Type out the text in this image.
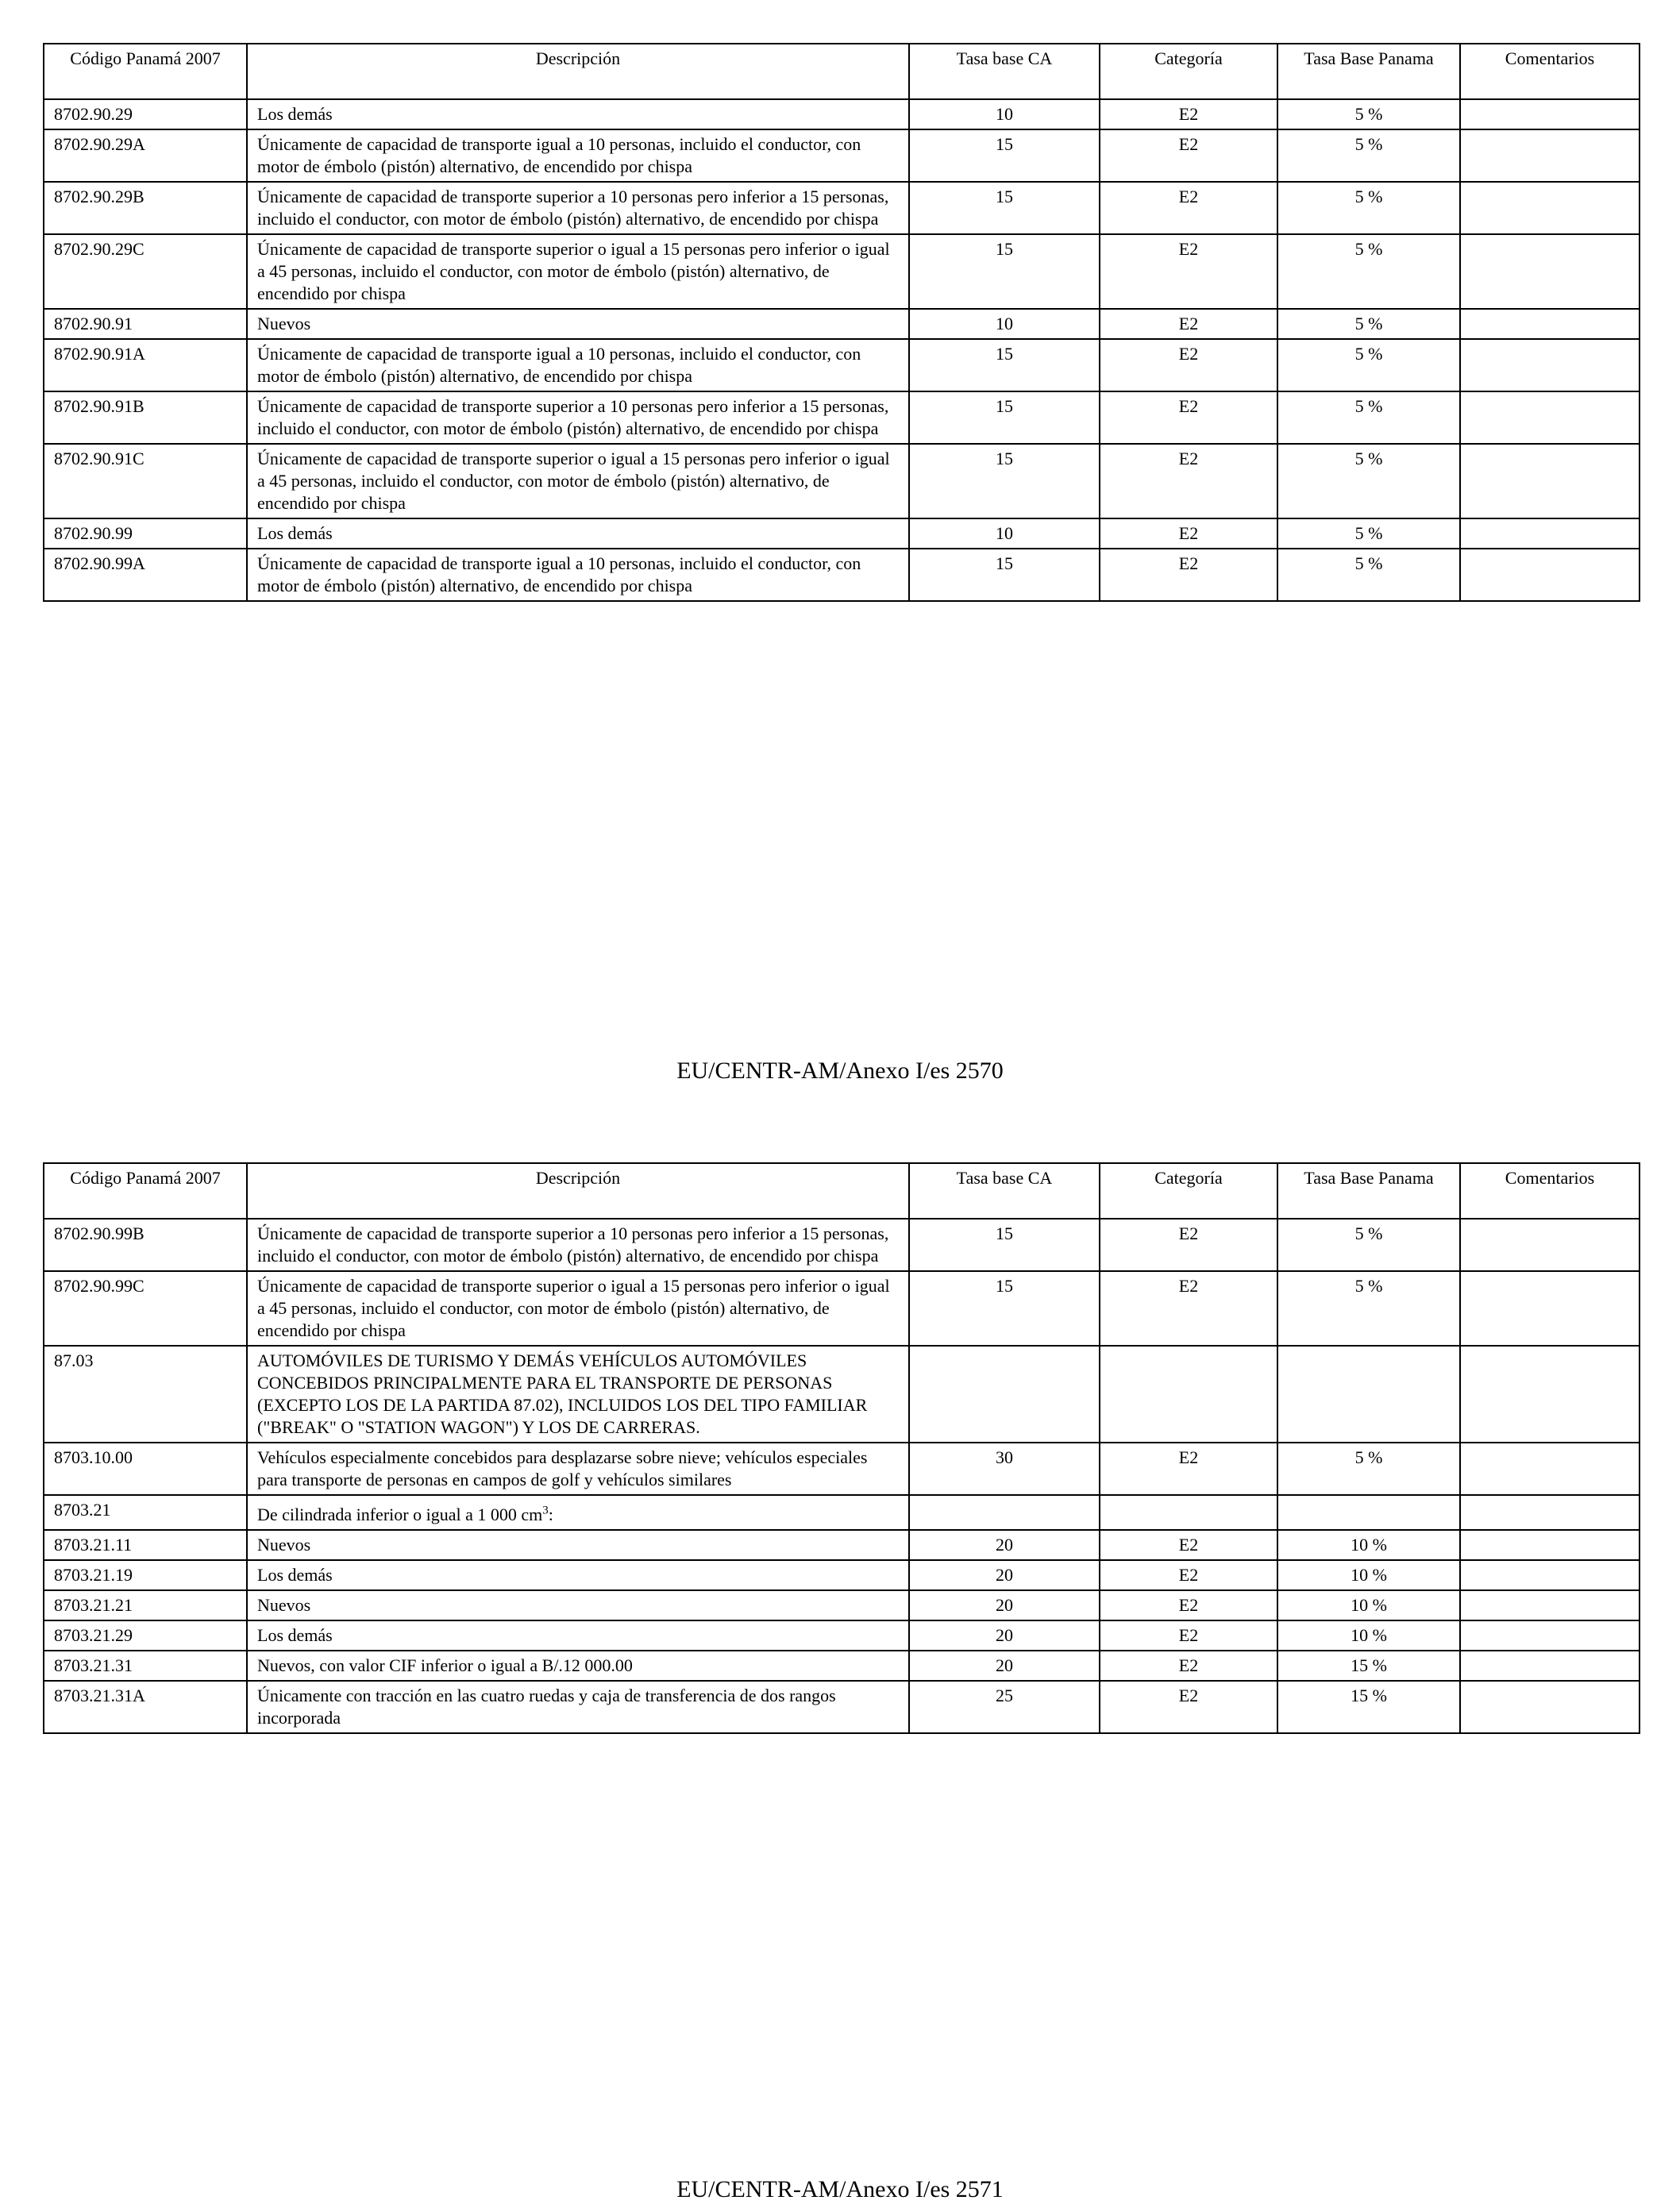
Código Panamá 2007	Descripción	Tasa base CA	Categoría	Tasa Base Panama	Comentarios
8702.90.29	Los demás	10	E2	5 %	
8702.90.29A	Únicamente de capacidad de transporte igual a 10 personas, incluido el conductor, con motor de émbolo (pistón) alternativo, de encendido por chispa	15	E2	5 %	
8702.90.29B	Únicamente de capacidad de transporte superior a 10 personas pero inferior a 15 personas, incluido el conductor, con motor de émbolo (pistón) alternativo, de encendido por chispa	15	E2	5 %	
8702.90.29C	Únicamente de capacidad de transporte superior o igual a 15 personas pero inferior o igual a 45 personas, incluido el conductor, con motor de émbolo (pistón) alternativo, de encendido por chispa	15	E2	5 %	
8702.90.91	Nuevos	10	E2	5 %	
8702.90.91A	Únicamente de capacidad de transporte igual a 10 personas, incluido el conductor, con motor de émbolo (pistón) alternativo, de encendido por chispa	15	E2	5 %	
8702.90.91B	Únicamente de capacidad de transporte superior a 10 personas pero inferior a 15 personas, incluido el conductor, con motor de émbolo (pistón) alternativo, de encendido por chispa	15	E2	5 %	
8702.90.91C	Únicamente de capacidad de transporte superior o igual a 15 personas pero inferior o igual a 45 personas, incluido el conductor, con motor de émbolo (pistón) alternativo, de encendido por chispa	15	E2	5 %	
8702.90.99	Los demás	10	E2	5 %	
8702.90.99A	Únicamente de capacidad de transporte igual a 10 personas, incluido el conductor, con motor de émbolo (pistón) alternativo, de encendido por chispa	15	E2	5 %	
EU/CENTR-AM/Anexo I/es 2570
Código Panamá 2007	Descripción	Tasa base CA	Categoría	Tasa Base Panama	Comentarios
8702.90.99B	Únicamente de capacidad de transporte superior a 10 personas pero inferior a 15 personas, incluido el conductor, con motor de émbolo (pistón) alternativo, de encendido por chispa	15	E2	5 %	
8702.90.99C	Únicamente de capacidad de transporte superior o igual a 15 personas pero inferior o igual a 45 personas, incluido el conductor, con motor de émbolo (pistón) alternativo, de encendido por chispa	15	E2	5 %	
87.03	AUTOMÓVILES DE TURISMO Y DEMÁS VEHÍCULOS AUTOMÓVILES CONCEBIDOS PRINCIPALMENTE PARA EL TRANSPORTE DE PERSONAS (EXCEPTO LOS DE LA PARTIDA 87.02), INCLUIDOS LOS DEL TIPO FAMILIAR ("BREAK" O "STATION WAGON") Y LOS DE CARRERAS.				
8703.10.00	Vehículos especialmente concebidos para desplazarse sobre nieve; vehículos especiales para transporte de personas en campos de golf y vehículos similares	30	E2	5 %	
8703.21	De cilindrada inferior o igual a 1 000 $cm^3$:				
8703.21.11	Nuevos	20	E2	10 %	
8703.21.19	Los demás	20	E2	10 %	
8703.21.21	Nuevos	20	E2	10 %	
8703.21.29	Los demás	20	E2	10 %	
8703.21.31	Nuevos, con valor CIF inferior o igual a B/.12 000.00	20	E2	15 %	
8703.21.31A	Únicamente con tracción en las cuatro ruedas y caja de transferencia de dos rangos incorporada	25	E2	15 %	
EU/CENTR-AM/Anexo I/es 2571
